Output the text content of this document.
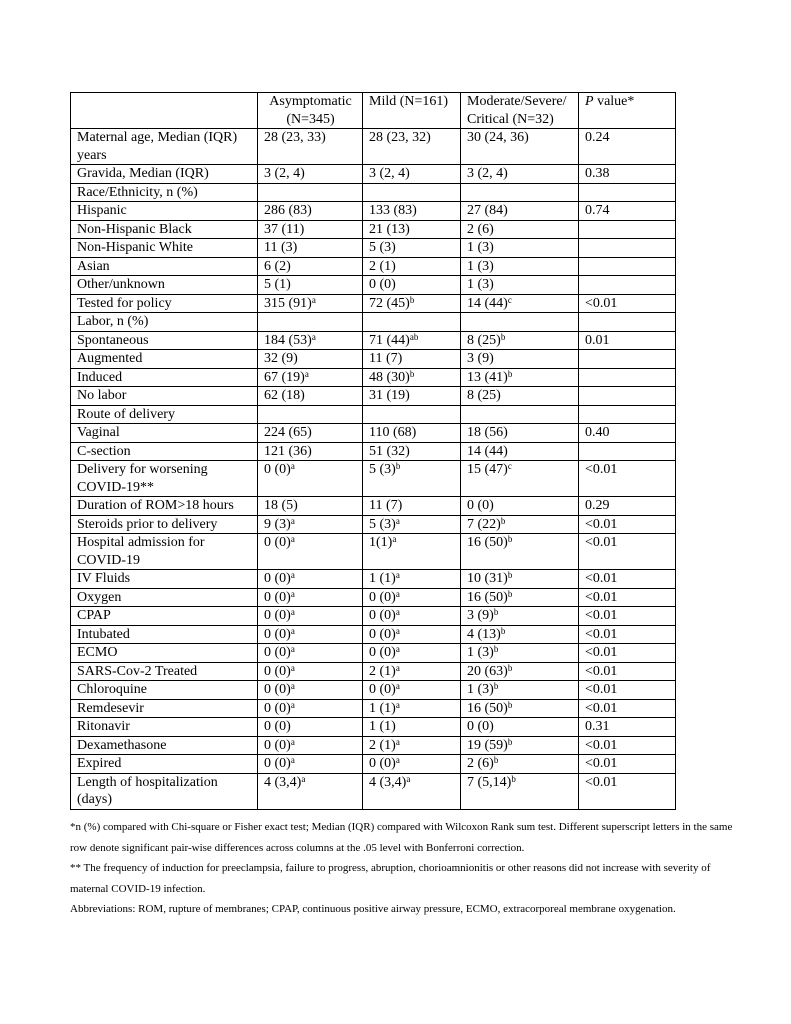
	Asymptomatic (N=345)	Mild (N=161)	Moderate/Severe/ Critical (N=32)	P value*
Maternal age, Median (IQR) years	28 (23, 33)	28 (23, 32)	30 (24, 36)	0.24
Gravida, Median (IQR)	3 (2, 4)	3 (2, 4)	3 (2, 4)	0.38
Race/Ethnicity, n (%)				
Hispanic	286 (83)	133 (83)	27 (84)	0.74
Non-Hispanic Black	37 (11)	21 (13)	2 (6)	
Non-Hispanic White	11 (3)	5 (3)	1 (3)	
Asian	6 (2)	2 (1)	1 (3)	
Other/unknown	5 (1)	0 (0)	1 (3)	
Tested for policy	315 $(91)^a$	72 $(45)^b$	14 $(44)^c$	<0.01
Labor, n (%)				
Spontaneous	184 $(53)^a$	71 $(44)^{ab}$	8 $(25)^b$	0.01
Augmented	32 (9)	11 (7)	3 (9)	
Induced	67 $(19)^a$	48 $(30)^b$	13 $(41)^b$	
No labor	62 (18)	31 (19)	8 (25)	
Route of delivery				
Vaginal	224 (65)	110 (68)	18 (56)	0.40
C-section	121 (36)	51 (32)	14 (44)	
Delivery for worsening COVID-19**	0 $(0)^a$	5 $(3)^b$	15 $(47)^c$	<0.01
Duration of ROM>18 hours	18 (5)	11 (7)	0 (0)	0.29
Steroids prior to delivery	9 $(3)^a$	5 $(3)^a$	7 $(22)^b$	<0.01
Hospital admission for COVID-19	0 $(0)^a$	$1(1)^a$	16 $(50)^b$	<0.01
IV Fluids	0 $(0)^a$	1 $(1)^a$	10 $(31)^b$	<0.01
Oxygen	0 $(0)^a$	0 $(0)^a$	16 $(50)^b$	<0.01
CPAP	0 $(0)^a$	0 $(0)^a$	3 $(9)^b$	<0.01
Intubated	0 $(0)^a$	0 $(0)^a$	4 $(13)^b$	<0.01
ECMO	0 $(0)^a$	0 $(0)^a$	1 $(3)^b$	<0.01
SARS-Cov-2 Treated	0 $(0)^a$	2 $(1)^a$	20 $(63)^b$	<0.01
Chloroquine	0 $(0)^a$	0 $(0)^a$	1 $(3)^b$	<0.01
Remdesevir	0 $(0)^a$	1 $(1)^a$	16 $(50)^b$	<0.01
Ritonavir	0 (0)	1 (1)	0 (0)	0.31
Dexamethasone	0 $(0)^a$	2 $(1)^a$	19 $(59)^b$	<0.01
Expired	0 $(0)^a$	0 $(0)^a$	2 $(6)^b$	<0.01
Length of hospitalization (days)	4 $(3,4)^a$	4 $(3,4)^a$	7 $(5,14)^b$	<0.01
*n (%) compared with Chi-square or Fisher exact test; Median (IQR) compared with Wilcoxon Rank sum test. Different superscript letters in the same row denote significant pair-wise differences across columns at the .05 level with Bonferroni correction.
** The frequency of induction for preeclampsia, failure to progress, abruption, chorioamnionitis or other reasons did not increase with severity of maternal COVID-19 infection.
Abbreviations: ROM, rupture of membranes; CPAP, continuous positive airway pressure, ECMO, extracorporeal membrane oxygenation.
